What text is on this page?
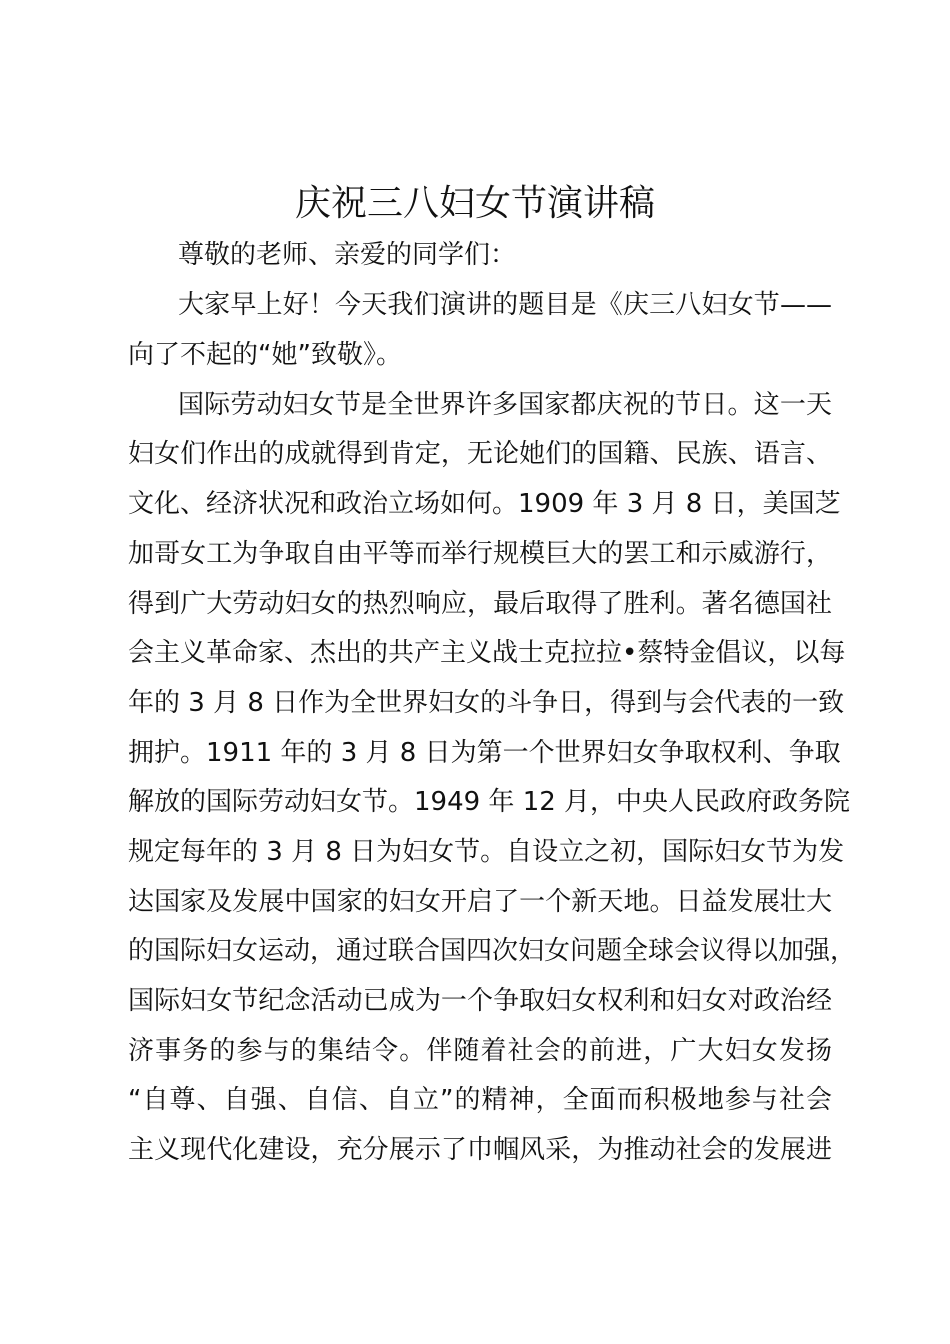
庆祝三八妇女节演讲稿
尊敬的老师、亲爱的同学们：
大家早上好！今天我们演讲的题目是《庆三八妇女节——
向了不起的“她”致敬》。
国际劳动妇女节是全世界许多国家都庆祝的节日。这一天
妇女们作出的成就得到肯定，无论她们的国籍、民族、语言、
文化、经济状况和政治立场如何。1909 年 3 月 8 日，美国芝
加哥女工为争取自由平等而举行规模巨大的罢工和示威游行，
得到广大劳动妇女的热烈响应，最后取得了胜利。著名德国社
会主义革命家、杰出的共产主义战士克拉拉•蔡特金倡议，以每
年的 3 月 8 日作为全世界妇女的斗争日，得到与会代表的一致
拥护。1911 年的 3 月 8 日为第一个世界妇女争取权利、争取
解放的国际劳动妇女节。1949 年 12 月，中央人民政府政务院
规定每年的 3 月 8 日为妇女节。自设立之初，国际妇女节为发
达国家及发展中国家的妇女开启了一个新天地。日益发展壮大
的国际妇女运动，通过联合国四次妇女问题全球会议得以加强，
国际妇女节纪念活动已成为一个争取妇女权利和妇女对政治经
济事务的参与的集结令。伴随着社会的前进，广大妇女发扬
“自尊、自强、自信、自立”的精神，全面而积极地参与社会
主义现代化建设，充分展示了巾帼风采，为推动社会的发展进
